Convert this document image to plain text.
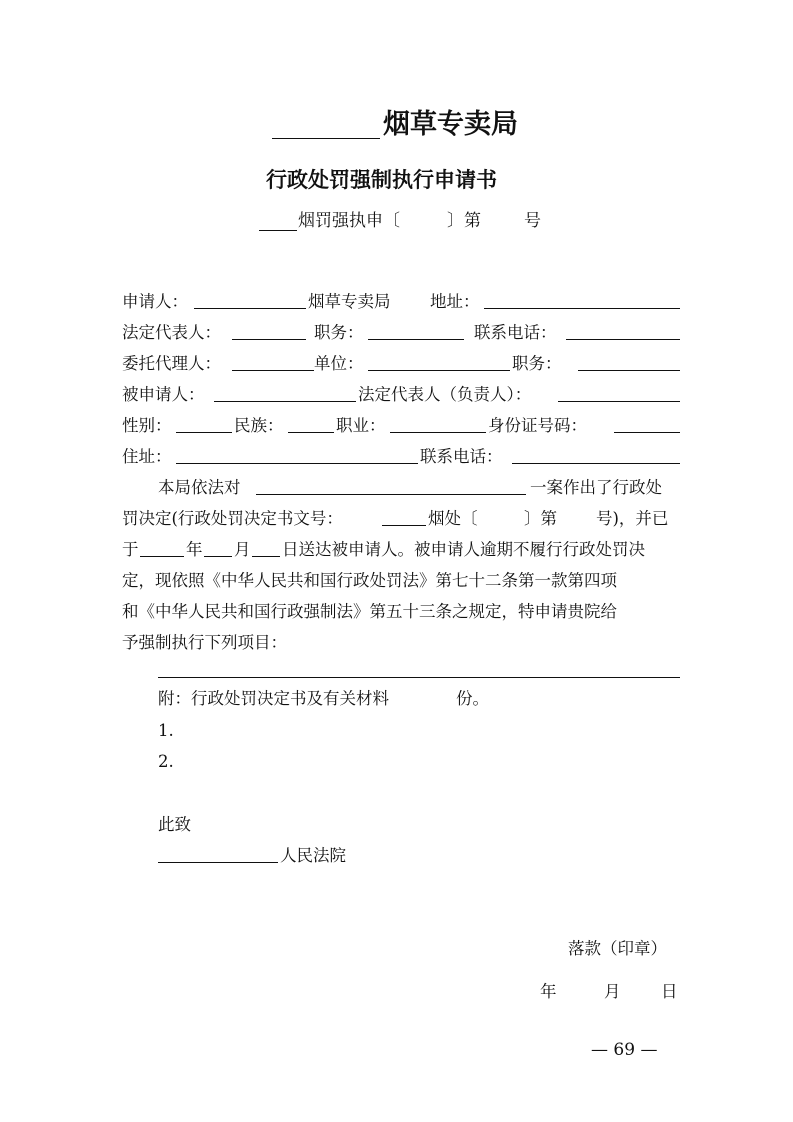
烟草专卖局
行政处罚强制执行申请书
烟罚强执申〔	〕第	号
申请人：	烟草专卖局 地址：
法定代表人：	职务：	联系电话：
委托代理人：	单位：	职务：
被申请人：	法定代表人（负责人）：
性别：	民族：	职业：	身份证号码：
住址：	联系电话：
本局依法对	一案作出了行政处
罚决定(行政处罚决定书文号：	烟处〔	〕第 号)，并已
于	年 月 日送达被申请人。被申请人逾期不履行行政处罚决
定，现依照《中华人民共和国行政处罚法》第七十二条第一款第四项
和《中华人民共和国行政强制法》第五十三条之规定，特申请贵院给
予强制执行下列项目：
附：行政处罚决定书及有关材料	份。
1.
2.
此致
人民法院
落款（印章）
年	月 日
— 69 —
